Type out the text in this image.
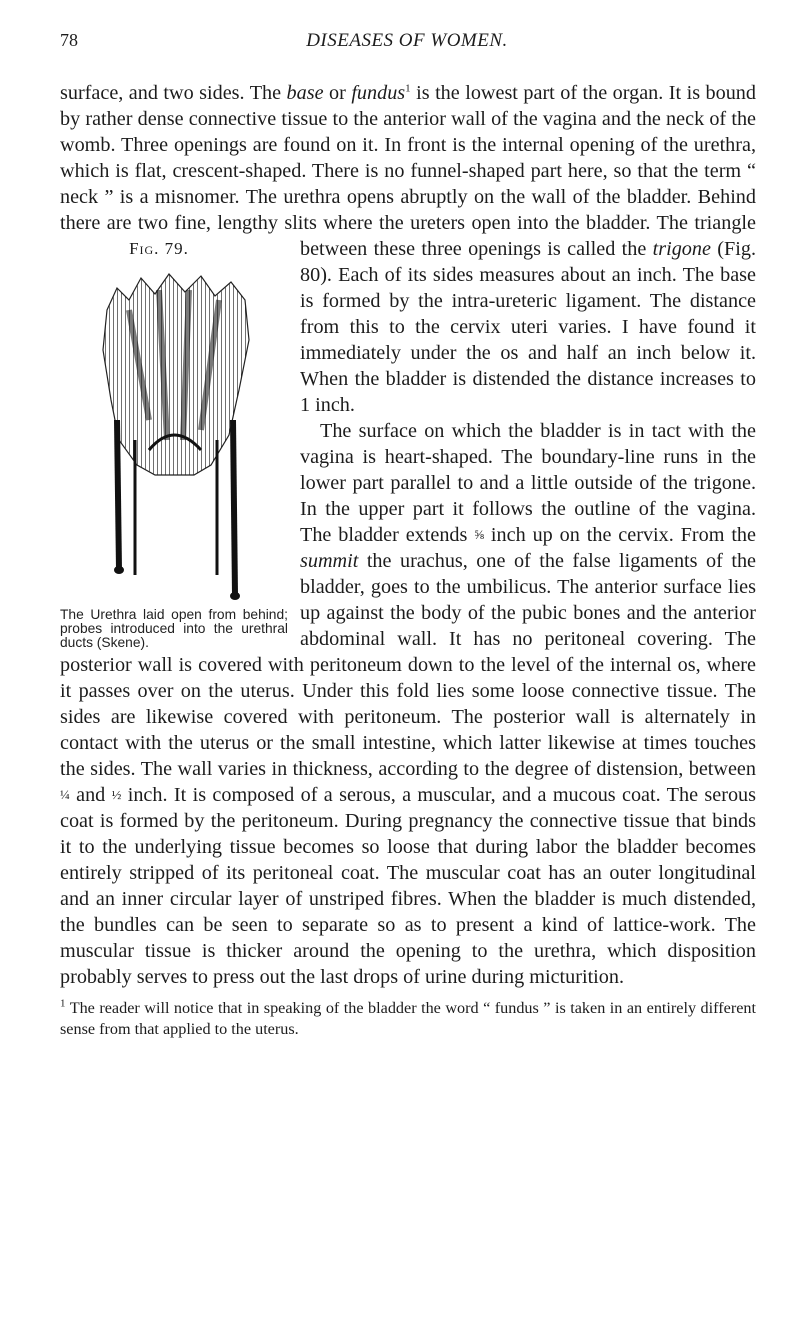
78	DISEASES OF WOMEN.

surface, and two sides. The base or fundus$^1$ is the lowest part of the organ. It is bound by rather dense connective tissue to the anterior wall of the vagina and the neck of the womb. Three openings are found on it. In front is the internal opening of the urethra, which is flat, crescent-shaped. There is no funnel-shaped part here, so that the term “ neck ” is a misnomer. The urethra opens abruptly on the wall of the bladder. Behind there are two fine, lengthy slits where the ureters open into the bladder. The triangle between these three openings is called the
Fig. 79.
The Urethra laid open from behind; probes introduced into the urethral ducts (Skene).
trigone (Fig. 80). Each of its sides measures about an inch. The base is formed by the intra-ureteric ligament. The distance from this to the cervix uteri varies. I have found it immediately under the os and half an inch below it. When the bladder is distended the distance increases to 1 inch.

The surface on which the bladder is in tact with the vagina is heart-shaped. The boundary-line runs in the lower part parallel to and a little outside of the trigone. In the upper part it follows the outline of the vagina. The bladder extends ⅝ inch up on the cervix. From the summit the urachus, one of the false ligaments of the bladder, goes to the umbilicus. The anterior surface lies up against the body of the pubic bones and the anterior abdominal wall. It has no peritoneal covering. The posterior wall is covered with peritoneum down to the level of the internal os, where it passes over on the uterus. Under this fold lies some loose connective tissue. The sides are likewise covered with peritoneum. The posterior wall is alternately in contact with the uterus or the small intestine, which latter likewise at times touches the sides. The wall varies in thickness, according to the degree of distension, between ¼ and ½ inch. It is composed of a serous, a muscular, and a mucous coat. The serous coat is formed by the peritoneum. During pregnancy the connective tissue that binds it to the underlying tissue becomes so loose that during labor the bladder becomes entirely stripped of its peritoneal coat. The muscular coat has an outer longitudinal and an inner circular layer of unstriped fibres. When the bladder is much distended, the bundles can be seen to separate so as to present a kind of lattice-work. The muscular tissue is thicker around the opening to the urethra, which disposition probably serves to press out the last drops of urine during micturition.

$^1$ The reader will notice that in speaking of the bladder the word “ fundus ” is taken in an entirely different sense from that applied to the uterus.
